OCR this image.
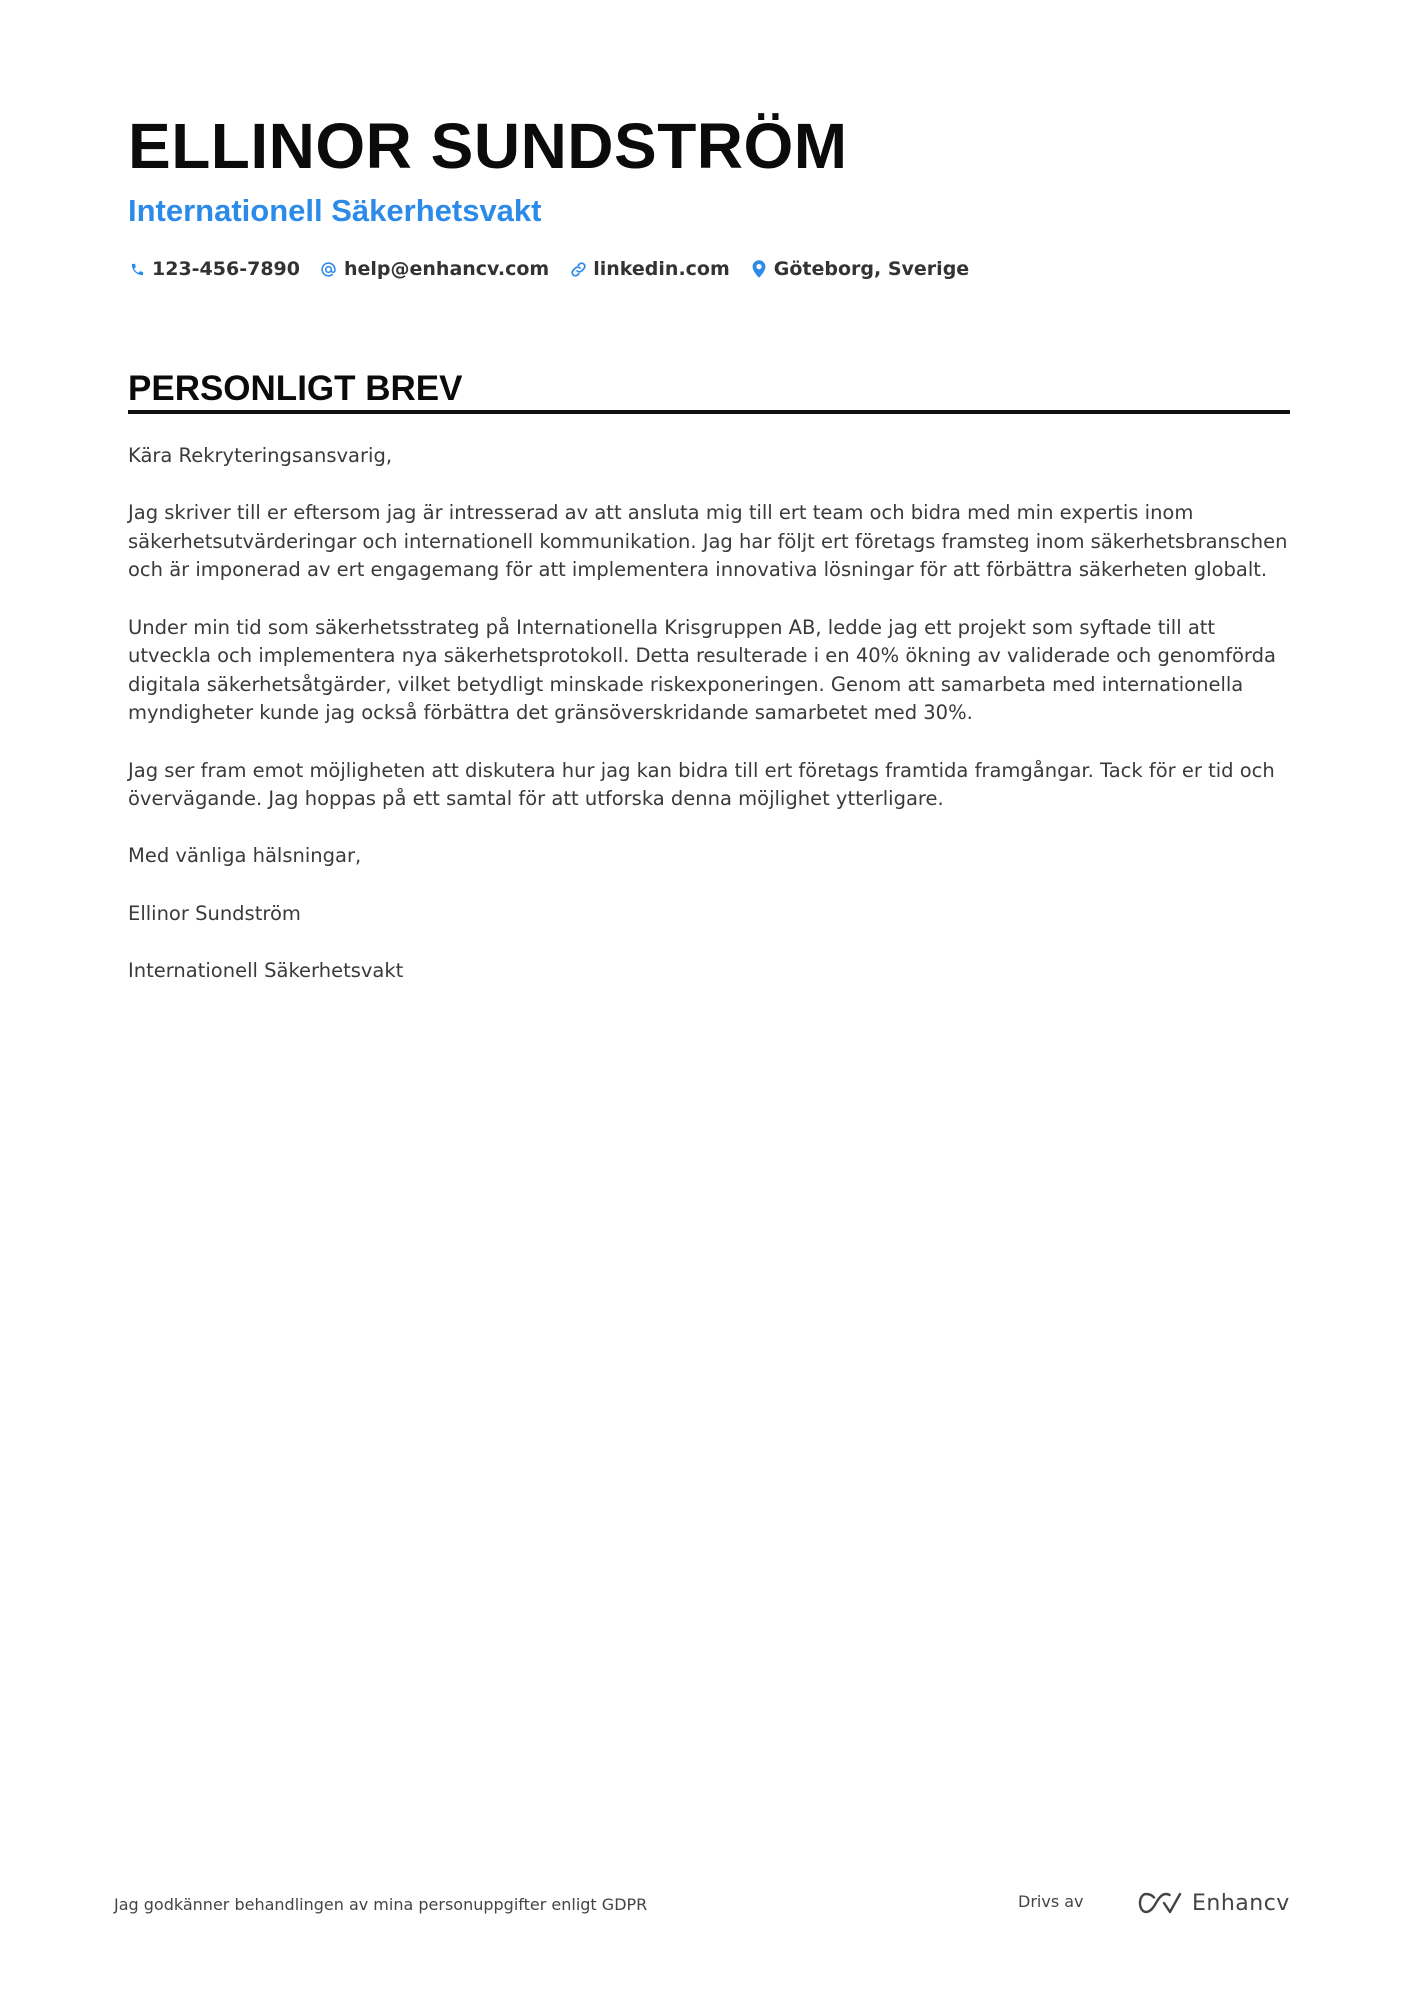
ELLINOR SUNDSTRÖM
Internationell Säkerhetsvakt
123-456-7890 help@enhancv.com linkedin.com Göteborg, Sverige
PERSONLIGT BREV

Kära Rekryteringsansvarig,

Jag skriver till er eftersom jag är intresserad av att ansluta mig till ert team och bidra med min expertis inom säkerhetsutvärderingar och internationell kommunikation. Jag har följt ert företags framsteg inom säkerhetsbranschen och är imponerad av ert engagemang för att implementera innovativa lösningar för att förbättra säkerheten globalt.

Under min tid som säkerhetsstrateg på Internationella Krisgruppen AB, ledde jag ett projekt som syftade till att utveckla och implementera nya säkerhetsprotokoll. Detta resulterade i en 40% ökning av validerade och genomförda digitala säkerhetsåtgärder, vilket betydligt minskade riskexponeringen. Genom att samarbeta med internationella myndigheter kunde jag också förbättra det gränsöverskridande samarbetet med 30%.

Jag ser fram emot möjligheten att diskutera hur jag kan bidra till ert företags framtida framgångar. Tack för er tid och övervägande. Jag hoppas på ett samtal för att utforska denna möjlighet ytterligare.

Med vänliga hälsningar,

Ellinor Sundström

Internationell Säkerhetsvakt

Jag godkänner behandlingen av mina personuppgifter enligt GDPR	Drivs av	Enhancv
